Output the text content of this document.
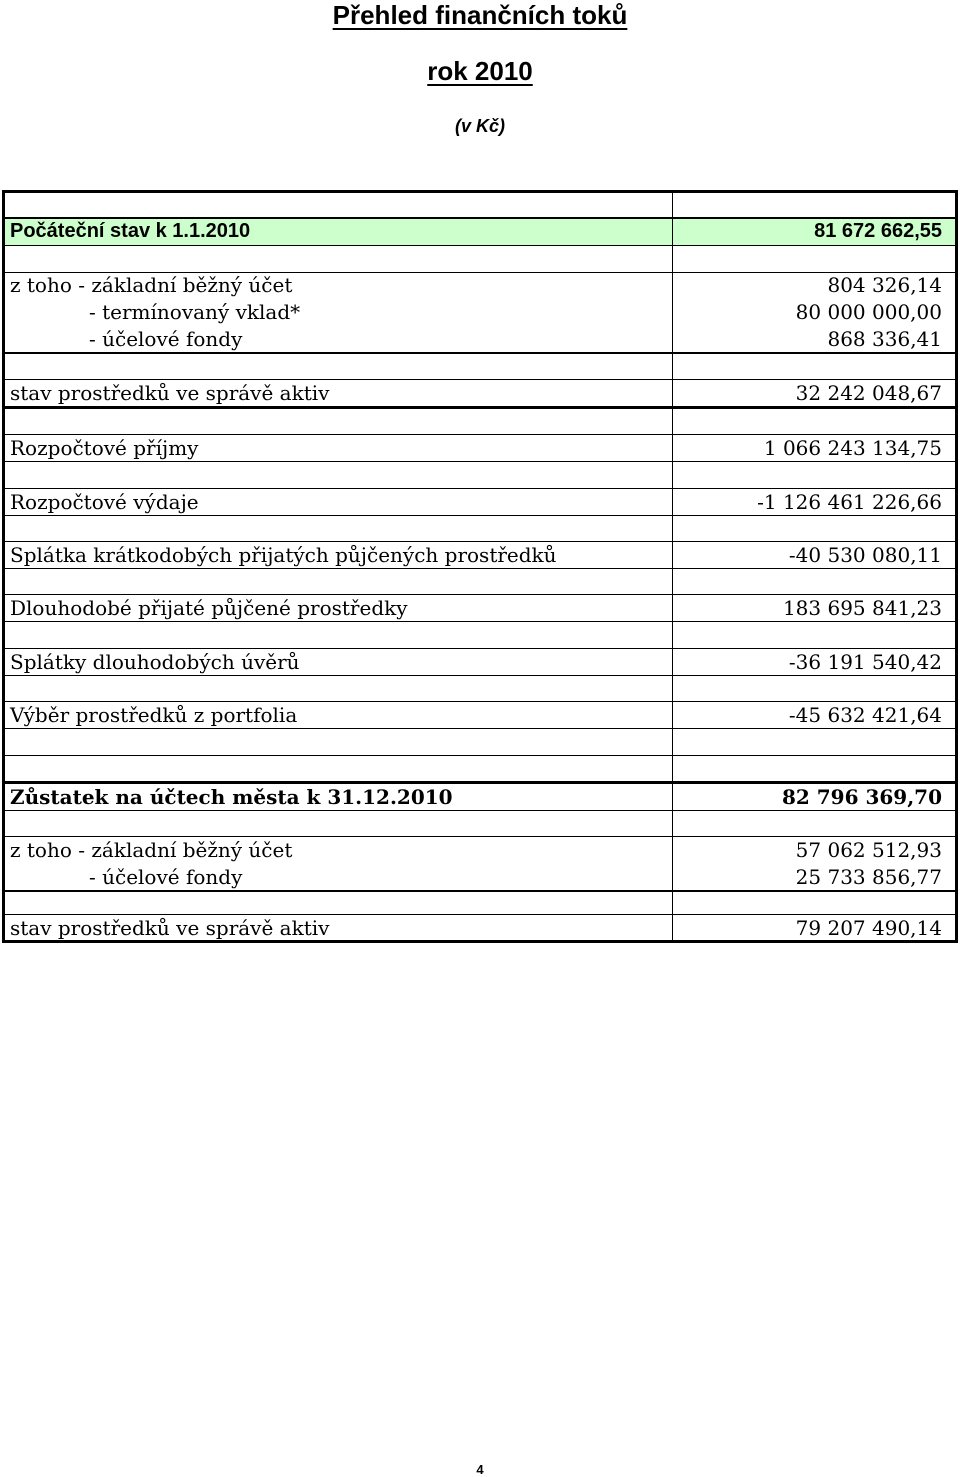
Přehled finančních toků
rok 2010
(v Kč)
Počáteční stav k 1.1.2010	81 672 662,55
z toho - základní běžný účet	804 326,14
- termínovaný vklad*	80 000 000,00
- účelové fondy	868 336,41
stav prostředků ve správě aktiv	32 242 048,67
Rozpočtové příjmy	1 066 243 134,75
Rozpočtové výdaje	-1 126 461 226,66
Splátka krátkodobých přijatých půjčených prostředků	-40 530 080,11
Dlouhodobé přijaté půjčené prostředky	183 695 841,23
Splátky dlouhodobých úvěrů	-36 191 540,42
Výběr prostředků z portfolia	-45 632 421,64
Zůstatek na účtech města k 31.12.2010	82 796 369,70
z toho - základní běžný účet	57 062 512,93
- účelové fondy	25 733 856,77
stav prostředků ve správě aktiv	79 207 490,14
4
